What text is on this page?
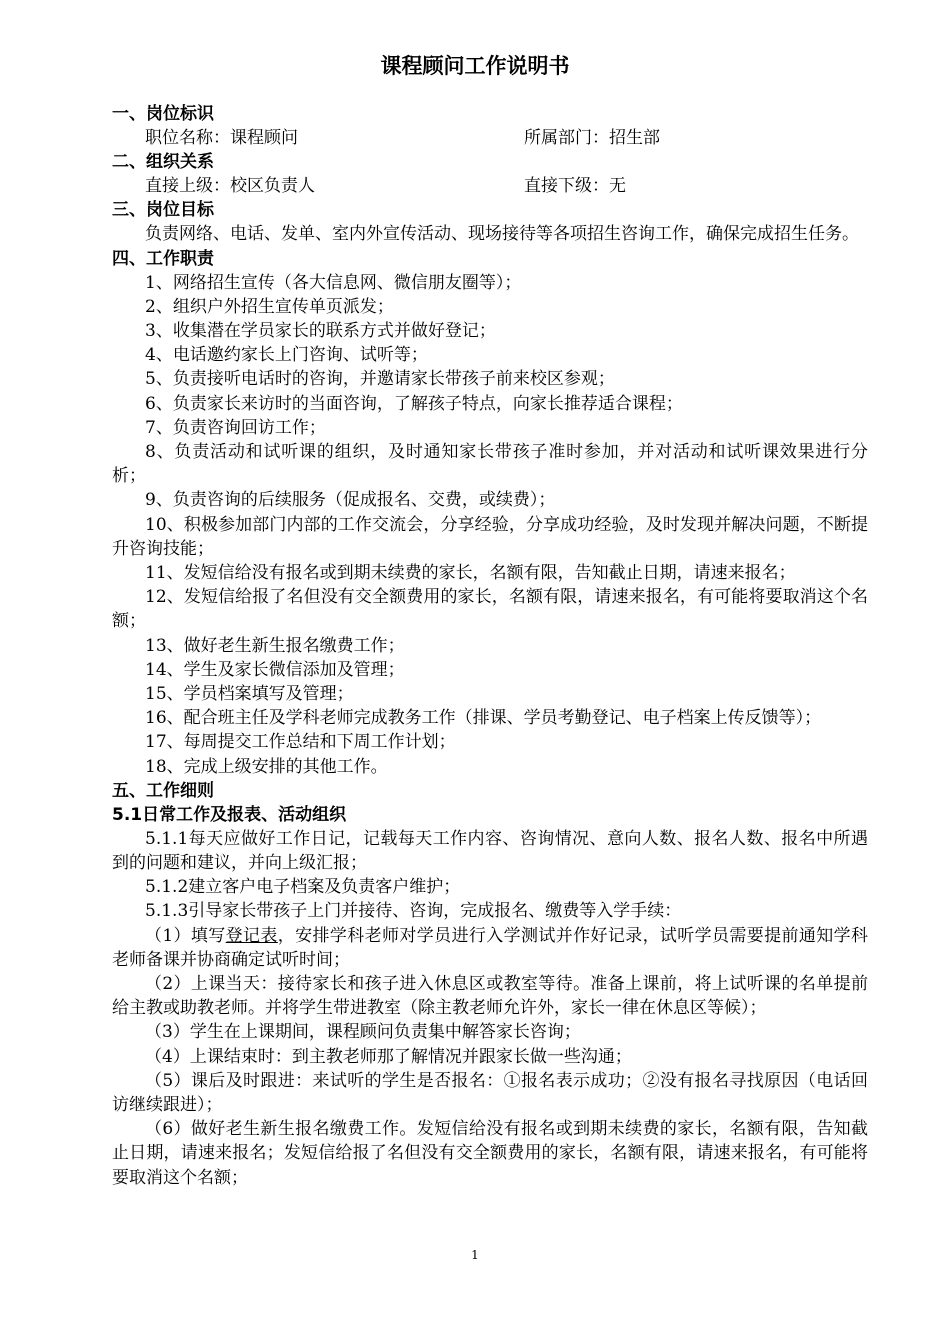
课程顾问工作说明书
一、岗位标识
职位名称：课程顾问	所属部门：招生部
二、组织关系
直接上级：校区负责人	直接下级：无
三、岗位目标
负责网络、电话、发单、室内外宣传活动、现场接待等各项招生咨询工作，确保完成招生任务。
四、工作职责
1、网络招生宣传（各大信息网、微信朋友圈等）；
2、组织户外招生宣传单页派发；
3、收集潜在学员家长的联系方式并做好登记；
4、电话邀约家长上门咨询、试听等；
5、负责接听电话时的咨询，并邀请家长带孩子前来校区参观；
6、负责家长来访时的当面咨询，了解孩子特点，向家长推荐适合课程；
7、负责咨询回访工作；
8、负责活动和试听课的组织，及时通知家长带孩子准时参加，并对活动和试听课效果进行分析；
9、负责咨询的后续服务（促成报名、交费，或续费）；
10、积极参加部门内部的工作交流会，分享经验，分享成功经验，及时发现并解决问题，不断提升咨询技能；
11、发短信给没有报名或到期未续费的家长，名额有限，告知截止日期，请速来报名；
12、发短信给报了名但没有交全额费用的家长，名额有限，请速来报名，有可能将要取消这个名额；
13、做好老生新生报名缴费工作；
14、学生及家长微信添加及管理；
15、学员档案填写及管理；
16、配合班主任及学科老师完成教务工作（排课、学员考勤登记、电子档案上传反馈等）；
17、每周提交工作总结和下周工作计划；
18、完成上级安排的其他工作。
五、工作细则
5.1日常工作及报表、活动组织
5.1.1每天应做好工作日记，记载每天工作内容、咨询情况、意向人数、报名人数、报名中所遇到的问题和建议，并向上级汇报；
5.1.2建立客户电子档案及负责客户维护；
5.1.3引导家长带孩子上门并接待、咨询，完成报名、缴费等入学手续：
（1）填写登记表，安排学科老师对学员进行入学测试并作好记录，试听学员需要提前通知学科老师备课并协商确定试听时间；
（2）上课当天：接待家长和孩子进入休息区或教室等待。准备上课前，将上试听课的名单提前给主教或助教老师。并将学生带进教室（除主教老师允许外，家长一律在休息区等候）；
（3）学生在上课期间，课程顾问负责集中解答家长咨询；
（4）上课结束时：到主教老师那了解情况并跟家长做一些沟通；
（5）课后及时跟进：来试听的学生是否报名：①报名表示成功；②没有报名寻找原因（电话回访继续跟进）；
（6）做好老生新生报名缴费工作。发短信给没有报名或到期未续费的家长，名额有限，告知截止日期，请速来报名；发短信给报了名但没有交全额费用的家长，名额有限，请速来报名，有可能将要取消这个名额；
1
